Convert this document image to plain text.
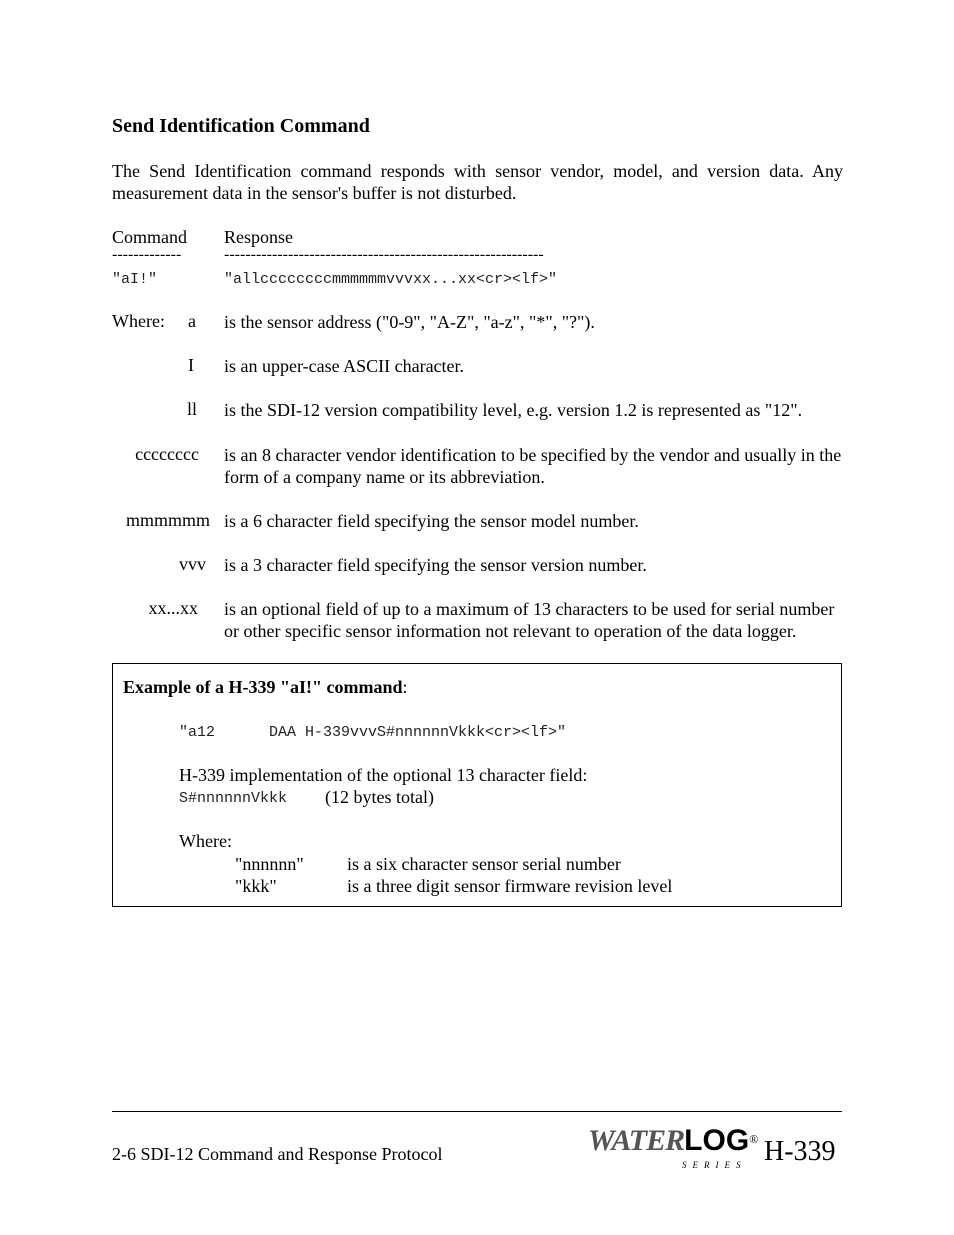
Send Identification Command
The Send Identification command responds with sensor vendor, model, and version data. Any measurement data in the sensor's buffer is not disturbed.
Command Response
-------------	------------------------------------------------------------
"aI!"	"allccccccccmmmmmmvvvxx...xx<cr><lf>"
Where: a is the sensor address ("0-9", "A-Z", "a-z", "*", "?").
I is an upper-case ASCII character.
ll is the SDI-12 version compatibility level, e.g. version 1.2 is represented as "12".
cccccccc is an 8 character vendor identification to be specified by the vendor and usually in the form of a company name or its abbreviation.
mmmmmm is a 6 character field specifying the sensor model number.
vvv is a 3 character field specifying the sensor version number.
xx...xx is an optional field of up to a maximum of 13 characters to be used for serial number or other specific sensor information not relevant to operation of the data logger.
Example of a H-339 "aI!" command:
"a12      DAA H-339vvvS#nnnnnnVkkk<cr><lf>"
H-339 implementation of the optional 13 character field:
S#nnnnnnVkkk (12 bytes total)
Where:
"nnnnnn" is a six character sensor serial number
"kkk"	is a three digit sensor firmware revision level
2-6 SDI-12 Command and Response Protocol	WATERLOG®
SERIES H-339
